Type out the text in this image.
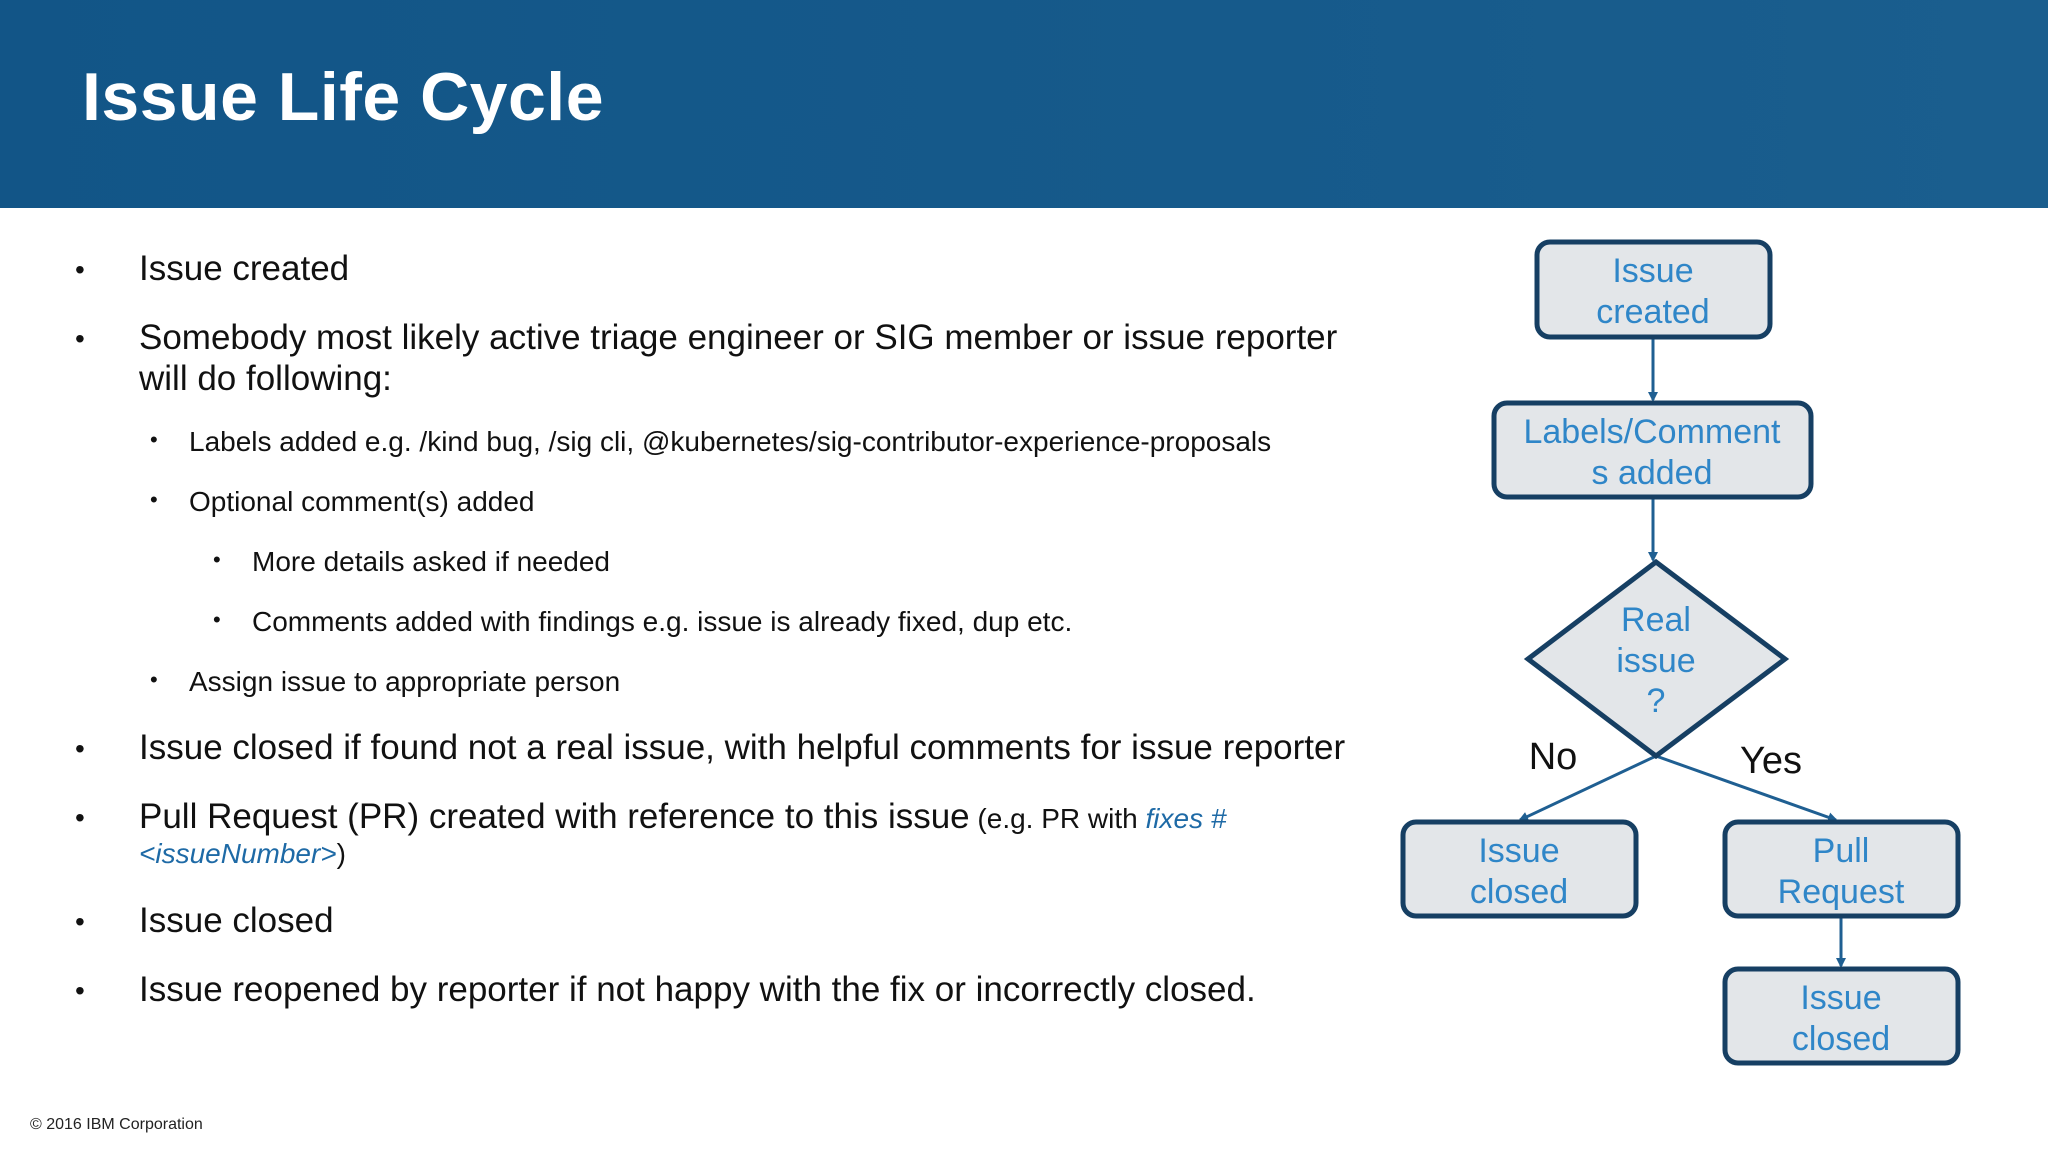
Issue Life Cycle
• Issue created
• Somebody most likely active triage engineer or SIG member or issue reporter
will do following:
• Labels added e.g. /kind bug, /sig cli, @kubernetes/sig-contributor-experience-proposals
• Optional comment(s) added
• More details asked if needed
• Comments added with findings e.g. issue is already fixed, dup etc.
• Assign issue to appropriate person
• Issue closed if found not a real issue, with helpful comments for issue reporter
• Pull Request (PR) created with reference to this issue (e.g. PR with fixes #
<issueNumber>)
• Issue closed
• Issue reopened by reporter if not happy with the fix or incorrectly closed.
Issue
created
Labels/Comment
s added
Real
issue
?
No	Yes
Issue
closed
Pull
Request
Issue
closed
© 2016 IBM Corporation
